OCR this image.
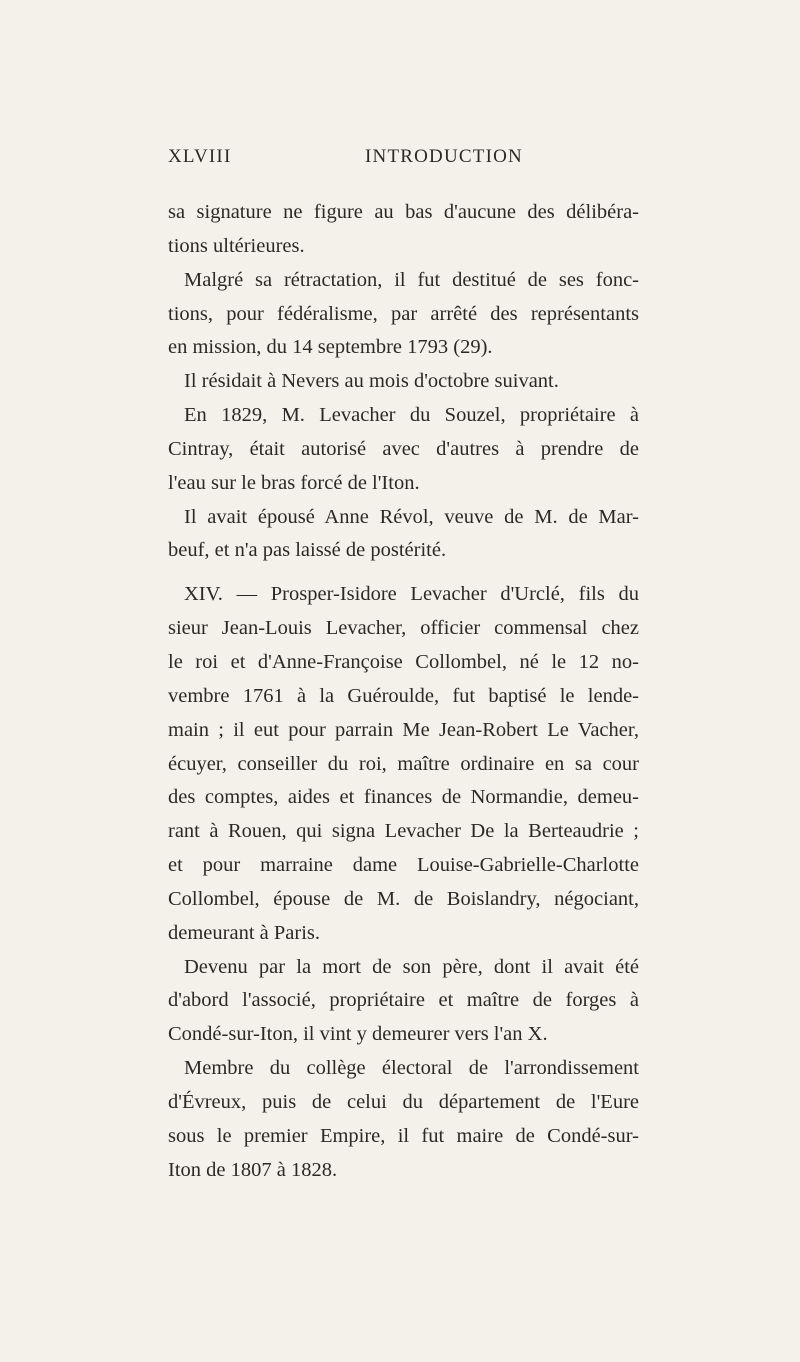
XLVIII	INTRODUCTION
sa signature ne figure au bas d'aucune des délibéra-
tions ultérieures.
Malgré sa rétractation, il fut destitué de ses fonc-
tions, pour fédéralisme, par arrêté des représentants
en mission, du 14 septembre 1793 (29).
Il résidait à Nevers au mois d'octobre suivant.
En 1829, M. Levacher du Souzel, propriétaire à
Cintray, était autorisé avec d'autres à prendre de
l'eau sur le bras forcé de l'Iton.
Il avait épousé Anne Révol, veuve de M. de Mar-
beuf, et n'a pas laissé de postérité.
XIV. — Prosper-Isidore Levacher d'Urclé, fils du
sieur Jean-Louis Levacher, officier commensal chez
le roi et d'Anne-Françoise Collombel, né le 12 no-
vembre 1761 à la Guéroulde, fut baptisé le lende-
main ; il eut pour parrain Me Jean-Robert Le Vacher,
écuyer, conseiller du roi, maître ordinaire en sa cour
des comptes, aides et finances de Normandie, demeu-
rant à Rouen, qui signa Levacher De la Berteaudrie ;
et pour marraine dame Louise-Gabrielle-Charlotte
Collombel, épouse de M. de Boislandry, négociant,
demeurant à Paris.
Devenu par la mort de son père, dont il avait été
d'abord l'associé, propriétaire et maître de forges à
Condé-sur-Iton, il vint y demeurer vers l'an X.
Membre du collège électoral de l'arrondissement
d'Évreux, puis de celui du département de l'Eure
sous le premier Empire, il fut maire de Condé-sur-
Iton de 1807 à 1828.
